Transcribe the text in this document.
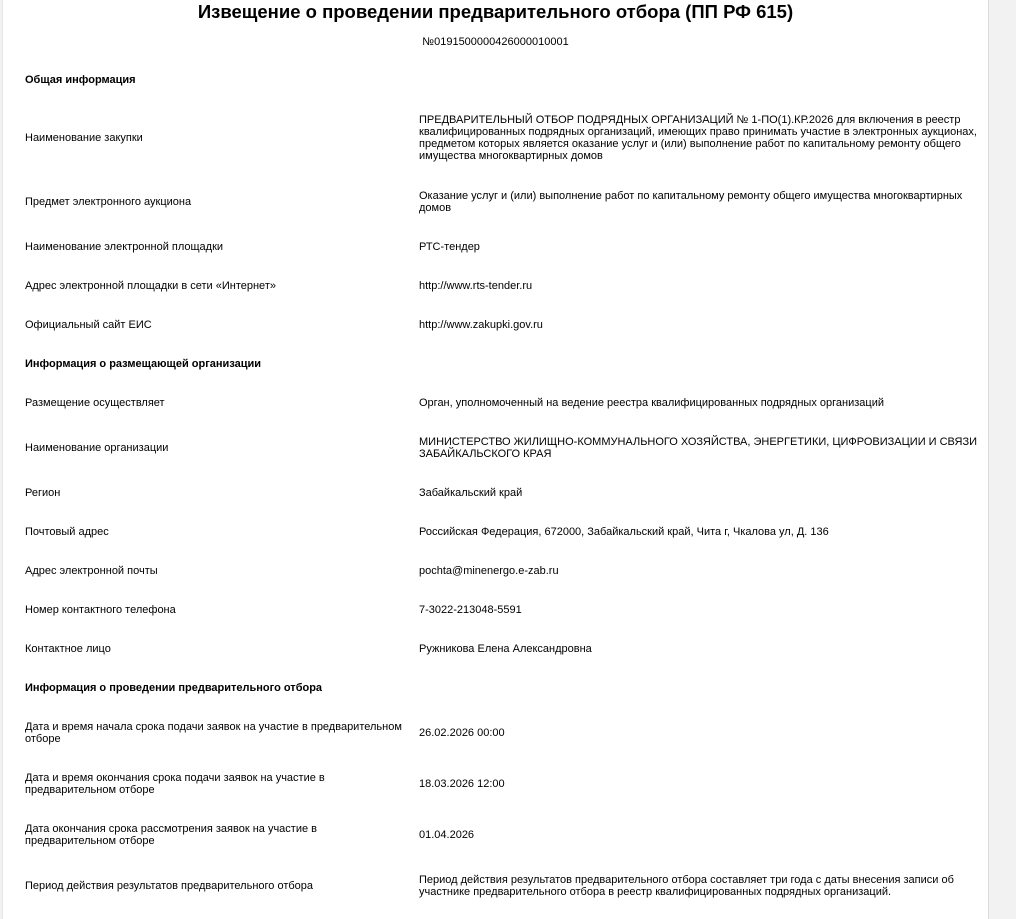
Извещение о проведении предварительного отбора (ПП РФ 615)
№0191500000426000010001
Общая информация	
Наименование закупки	ПРЕДВАРИТЕЛЬНЫЙ ОТБОР ПОДРЯДНЫХ ОРГАНИЗАЦИЙ № 1-ПО(1).КР.2026 для включения в реестр квалифицированных подрядных организаций, имеющих право принимать участие в электронных аукционах, предметом которых является оказание услуг и (или) выполнение работ по капитальному ремонту общего имущества многоквартирных домов
Предмет электронного аукциона	Оказание услуг и (или) выполнение работ по капитальному ремонту общего имущества многоквартирных домов
Наименование электронной площадки	РТС-тендер
Адрес электронной площадки в сети «Интернет»	http://www.rts-tender.ru
Официальный сайт ЕИС	http://www.zakupki.gov.ru
Информация о размещающей организации	
Размещение осуществляет	Орган, уполномоченный на ведение реестра квалифицированных подрядных организаций
Наименование организации	МИНИСТЕРСТВО ЖИЛИЩНО-КОММУНАЛЬНОГО ХОЗЯЙСТВА, ЭНЕРГЕТИКИ, ЦИФРОВИЗАЦИИ И СВЯЗИ ЗАБАЙКАЛЬСКОГО КРАЯ
Регион	Забайкальский край
Почтовый адрес	Российская Федерация, 672000, Забайкальский край, Чита г, Чкалова ул, Д. 136
Адрес электронной почты	pochta@minenergo.e-zab.ru
Номер контактного телефона	7-3022-213048-5591
Контактное лицо	Ружникова Елена Александровна
Информация о проведении предварительного отбора	
Дата и время начала срока подачи заявок на участие в предварительном отборе	26.02.2026 00:00
Дата и время окончания срока подачи заявок на участие в предварительном отборе	18.03.2026 12:00
Дата окончания срока рассмотрения заявок на участие в предварительном отборе	01.04.2026
Период действия результатов предварительного отбора	Период действия результатов предварительного отбора составляет три года с даты внесения записи об участнике предварительного отбора в реестр квалифицированных подрядных организаций.
